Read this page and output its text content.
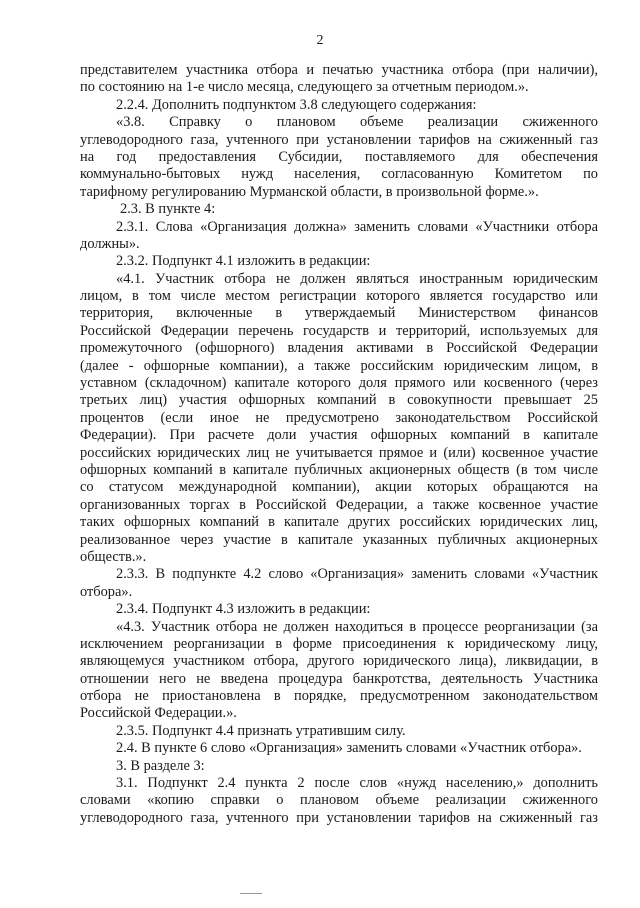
2
представителем участника отбора и печатью участника отбора (при наличии),
по состоянию на 1-е число месяца, следующего за отчетным периодом.».
2.2.4. Дополнить подпунктом 3.8 следующего содержания:
«3.8. Справку о плановом объеме реализации сжиженного
углеводородного газа, учтенного при установлении тарифов на сжиженный газ
на год предоставления Субсидии, поставляемого для обеспечения
коммунально-бытовых нужд населения, согласованную Комитетом по
тарифному регулированию Мурманской области, в произвольной форме.».
2.3. В пункте 4:
2.3.1. Слова «Организация должна» заменить словами «Участники отбора
должны».
2.3.2. Подпункт 4.1 изложить в редакции:
«4.1. Участник отбора не должен являться иностранным юридическим
лицом, в том числе местом регистрации которого является государство или
территория, включенные в утверждаемый Министерством финансов
Российской Федерации перечень государств и территорий, используемых для
промежуточного (офшорного) владения активами в Российской Федерации
(далее - офшорные компании), а также российским юридическим лицом, в
уставном (складочном) капитале которого доля прямого или косвенного (через
третьих лиц) участия офшорных компаний в совокупности превышает 25
процентов (если иное не предусмотрено законодательством Российской
Федерации). При расчете доли участия офшорных компаний в капитале
российских юридических лиц не учитывается прямое и (или) косвенное участие
офшорных компаний в капитале публичных акционерных обществ (в том числе
со статусом международной компании), акции которых обращаются на
организованных торгах в Российской Федерации, а также косвенное участие
таких офшорных компаний в капитале других российских юридических лиц,
реализованное через участие в капитале указанных публичных акционерных
обществ.».
2.3.3. В подпункте 4.2 слово «Организация» заменить словами «Участник
отбора».
2.3.4. Подпункт 4.3 изложить в редакции:
«4.3. Участник отбора не должен находиться в процессе реорганизации (за
исключением реорганизации в форме присоединения к юридическому лицу,
являющемуся участником отбора, другого юридического лица), ликвидации, в
отношении него не введена процедура банкротства, деятельность Участника
отбора не приостановлена в порядке, предусмотренном законодательством
Российской Федерации.».
2.3.5. Подпункт 4.4 признать утратившим силу.
2.4. В пункте 6 слово «Организация» заменить словами «Участник отбора».
3. В разделе 3:
3.1. Подпункт 2.4 пункта 2 после слов «нужд населению,» дополнить
словами «копию справки о плановом объеме реализации сжиженного
углеводородного газа, учтенного при установлении тарифов на сжиженный газ
